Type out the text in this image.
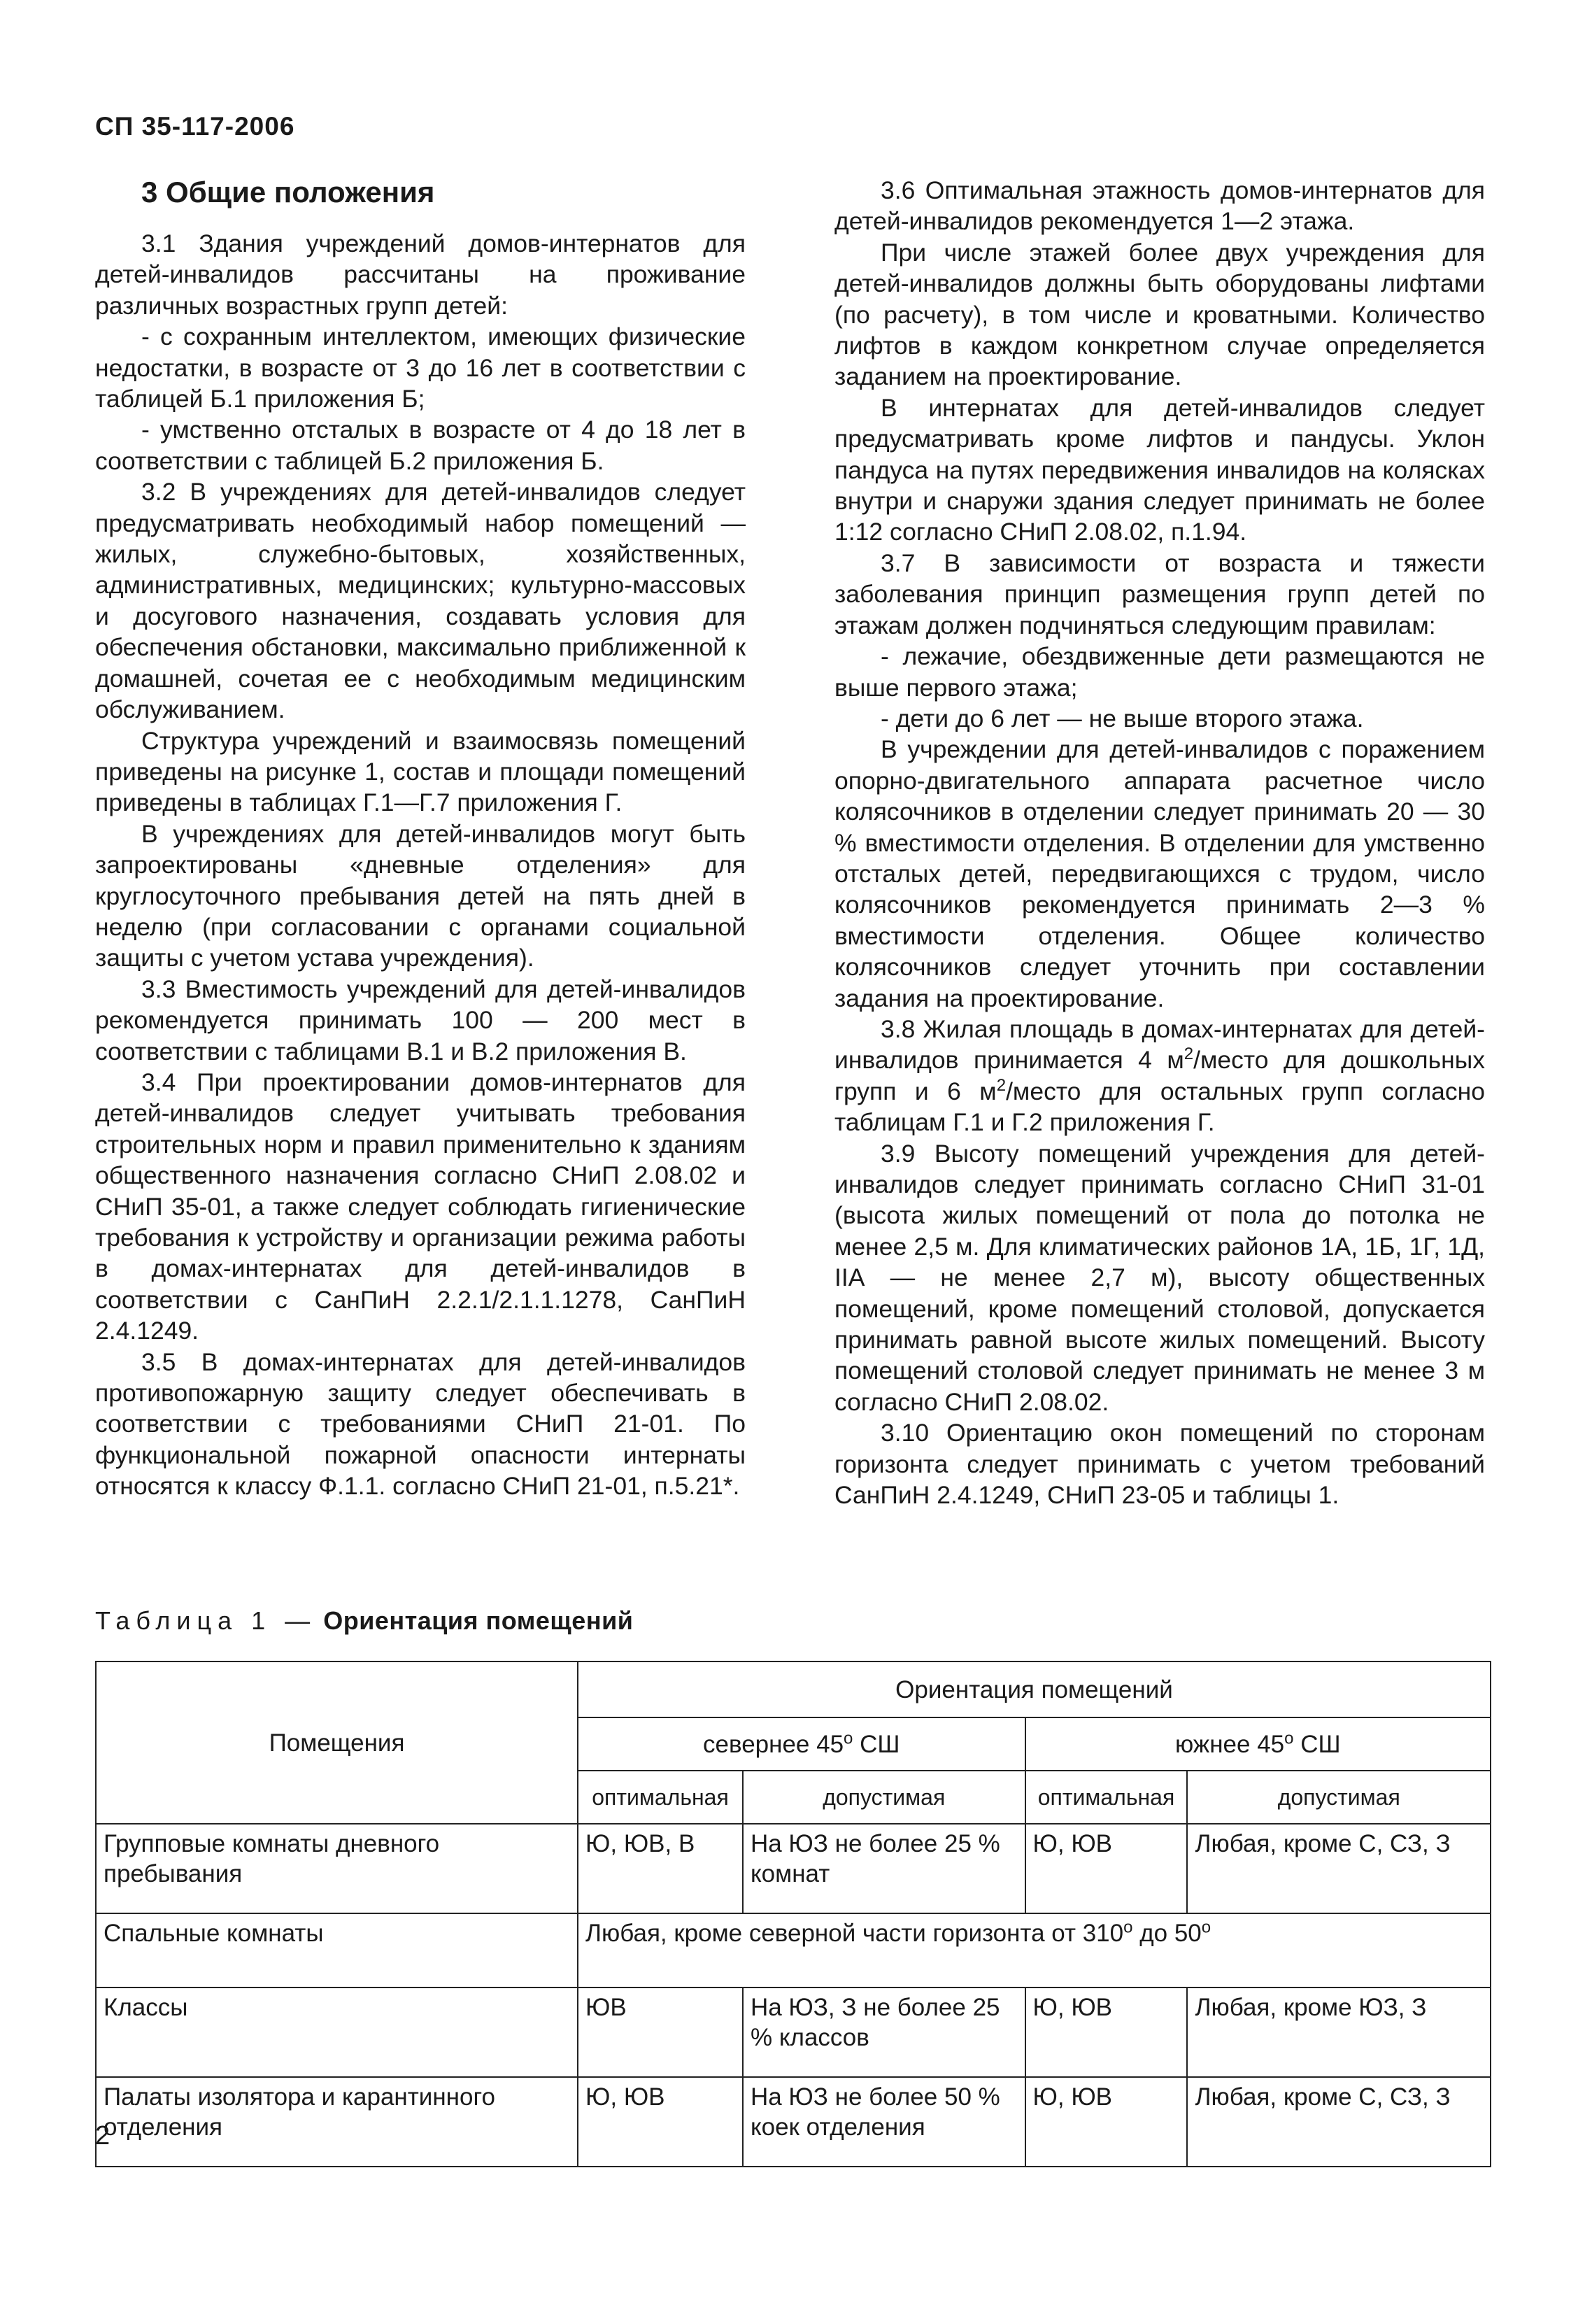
СП 35-117-2006
3 Общие положения

3.1 Здания учреждений домов-интернатов для детей-инвалидов рассчитаны на проживание различных возрастных групп детей:

- с сохранным интеллектом, имеющих физические недостатки, в возрасте от 3 до 16 лет в соответствии с таблицей Б.1 приложения Б;

- умственно отсталых в возрасте от 4 до 18 лет в соответствии с таблицей Б.2 приложения Б.

3.2 В учреждениях для детей-инвалидов следует предусматривать необходимый набор помещений — жилых, служебно-бытовых, хозяйственных, административных, медицинских; культурно-массовых и досугового назначения, создавать условия для обеспечения обстановки, максимально приближенной к домашней, сочетая ее с необходимым медицинским обслуживанием.

Структура учреждений и взаимосвязь помещений приведены на рисунке 1, состав и площади помещений приведены в таблицах Г.1—Г.7 приложения Г.

В учреждениях для детей-инвалидов могут быть запроектированы «дневные отделения» для круглосуточного пребывания детей на пять дней в неделю (при согласовании с органами социальной защиты с учетом устава учреждения).

3.3 Вместимость учреждений для детей-инвалидов рекомендуется принимать 100 — 200 мест в соответствии с таблицами В.1 и В.2 приложения В.

3.4 При проектировании домов-интернатов для детей-инвалидов следует учитывать требования строительных норм и правил применительно к зданиям общественного назначения согласно СНиП 2.08.02 и СНиП 35-01, а также следует соблюдать гигиенические требования к устройству и организации режима работы в домах-интернатах для детей-инвалидов в соответствии с СанПиН 2.2.1/2.1.1.1278, СанПиН 2.4.1249.

3.5 В домах-интернатах для детей-инвалидов противопожарную защиту следует обеспечивать в соответствии с требованиями СНиП 21-01. По функциональной пожарной опасности интернаты относятся к классу Ф.1.1. согласно СНиП 21-01, п.5.21*.

3.6 Оптимальная этажность домов-интернатов для детей-инвалидов рекомендуется 1—2 этажа.

При числе этажей более двух учреждения для детей-инвалидов должны быть оборудованы лифтами (по расчету), в том числе и кроватными. Количество лифтов в каждом конкретном случае определяется заданием на проектирование.

В интернатах для детей-инвалидов следует предусматривать кроме лифтов и пандусы. Уклон пандуса на путях передвижения инвалидов на колясках внутри и снаружи здания следует принимать не более 1:12 согласно СНиП 2.08.02, п.1.94.

3.7 В зависимости от возраста и тяжести заболевания принцип размещения групп детей по этажам должен подчиняться следующим правилам:

- лежачие, обездвиженные дети размещаются не выше первого этажа;

- дети до 6 лет — не выше второго этажа.

В учреждении для детей-инвалидов с поражением опорно-двигательного аппарата расчетное число колясочников в отделении следует принимать 20 — 30 % вместимости отделения. В отделении для умственно отсталых детей, передвигающихся с трудом, число колясочников рекомендуется принимать 2—3 % вместимости отделения. Общее количество колясочников следует уточнить при составлении задания на проектирование.

3.8 Жилая площадь в домах-интернатах для детей-инвалидов принимается 4 $м^2$/место для дошкольных групп и 6 $м^2$/место для остальных групп согласно таблицам Г.1 и Г.2 приложения Г.

3.9 Высоту помещений учреждения для детей-инвалидов следует принимать согласно СНиП 31-01 (высота жилых помещений от пола до потолка не менее 2,5 м. Для климатических районов 1А, 1Б, 1Г, 1Д, IIА — не менее 2,7 м), высоту общественных помещений, кроме помещений столовой, допускается принимать равной высоте жилых помещений. Высоту помещений столовой следует принимать не менее 3 м согласно СНиП 2.08.02.

3.10 Ориентацию окон помещений по сторонам горизонта следует принимать с учетом требований СанПиН 2.4.1249, СНиП 23-05 и таблицы 1.

Таблица 1 — Ориентация помещений
Помещения	Ориентация помещений			
	севернее $45^о$ СШ		южнее $45^о$ СШ	
	оптимальная	допустимая	оптимальная	допустимая
Групповые комнаты дневного пребывания	Ю, ЮВ, В	На ЮЗ не более 25 % комнат	Ю, ЮВ	Любая, кроме С, СЗ, З
Спальные комнаты	Любая, кроме северной части горизонта от $310^о$ до $50^о$
Классы	ЮВ	На ЮЗ, З не более 25 % классов	Ю, ЮВ	Любая, кроме ЮЗ, З
Палаты изолятора и карантинного отделения	Ю, ЮВ	На ЮЗ не более 50 % коек отделения	Ю, ЮВ	Любая, кроме С, СЗ, З
2
